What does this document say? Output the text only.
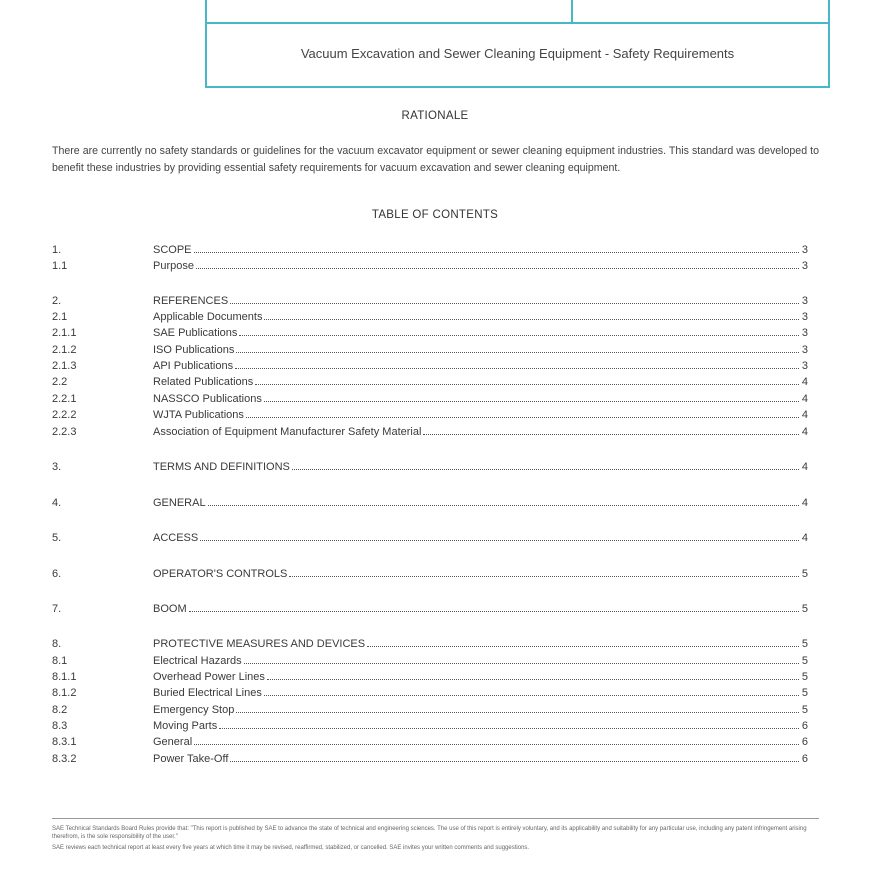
Vacuum Excavation and Sewer Cleaning Equipment - Safety Requirements
RATIONALE
There are currently no safety standards or guidelines for the vacuum excavator equipment or sewer cleaning equipment industries. This standard was developed to benefit these industries by providing essential safety requirements for vacuum excavation and sewer cleaning equipment.
TABLE OF CONTENTS
1.	SCOPE	3
1.1	Purpose	3
2.	REFERENCES	3
2.1	Applicable Documents	3
2.1.1	SAE Publications	3
2.1.2	ISO Publications	3
2.1.3	API Publications	3
2.2	Related Publications	4
2.2.1	NASSCO Publications	4
2.2.2	WJTA Publications	4
2.2.3	Association of Equipment Manufacturer Safety Material	4
3.	TERMS AND DEFINITIONS	4
4.	GENERAL	4
5.	ACCESS	4
6.	OPERATOR'S CONTROLS	5
7.	BOOM	5
8.	PROTECTIVE MEASURES AND DEVICES	5
8.1	Electrical Hazards	5
8.1.1	Overhead Power Lines	5
8.1.2	Buried Electrical Lines	5
8.2	Emergency Stop	5
8.3	Moving Parts	6
8.3.1	General	6
8.3.2	Power Take-Off	6

SAE Technical Standards Board Rules provide that: "This report is published by SAE to advance the state of technical and engineering sciences. The use of this report is entirely voluntary, and its applicability and suitability for any particular use, including any patent infringement arising therefrom, is the sole responsibility of the user."

SAE reviews each technical report at least every five years at which time it may be revised, reaffirmed, stabilized, or cancelled. SAE invites your written comments and suggestions.
